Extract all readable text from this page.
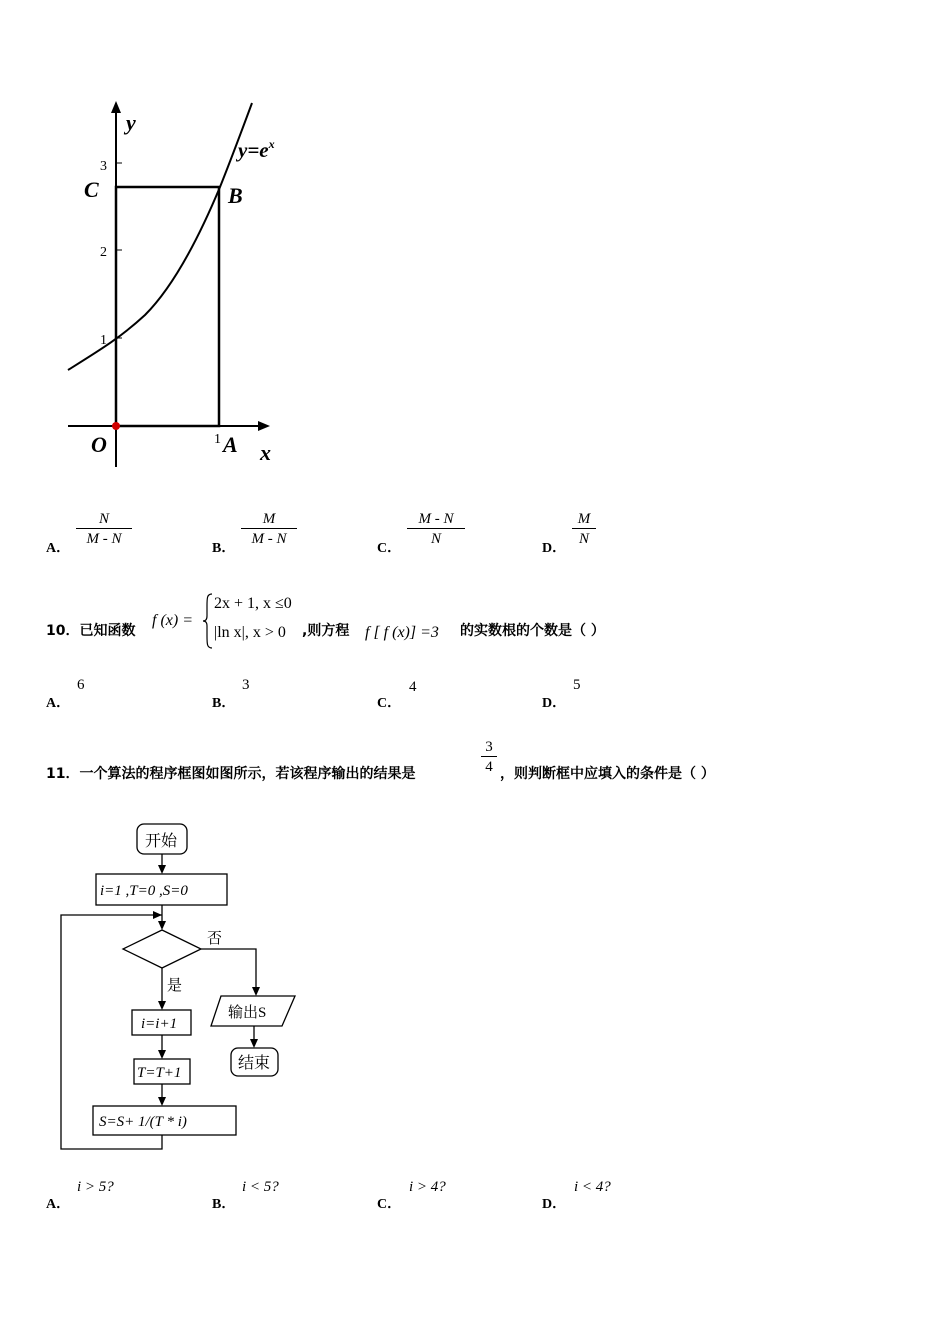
y
x
$y=e^x$
3
2
1
1
C	B
O	A
A． $\frac{N}{M - N}$	B． $\frac{M}{M - N}$	C． $\frac{M - N}{N}$	D． $\frac{M}{N}$
10．已知函数
f (x) =
2x + 1, x ≤0
|ln x|, x > 0 ,则方程 f [ f (x)] =3 的实数根的个数是（ ）
A．
6
B．
3
C．
4
D．
5
11．一个算法的程序框图如图所示，若该程序输出的结果是	$\frac{3}{4}$ ，则判断框中应填入的条件是（ ）
开始
i=1 ,T=0 ,S=0
否
是
i=i+1
T=T+1
S=S+ 1/(T * i)
输出S
结束
A．
i > 5?
B．
i < 5?
C．
i > 4?
D．
i < 4?
